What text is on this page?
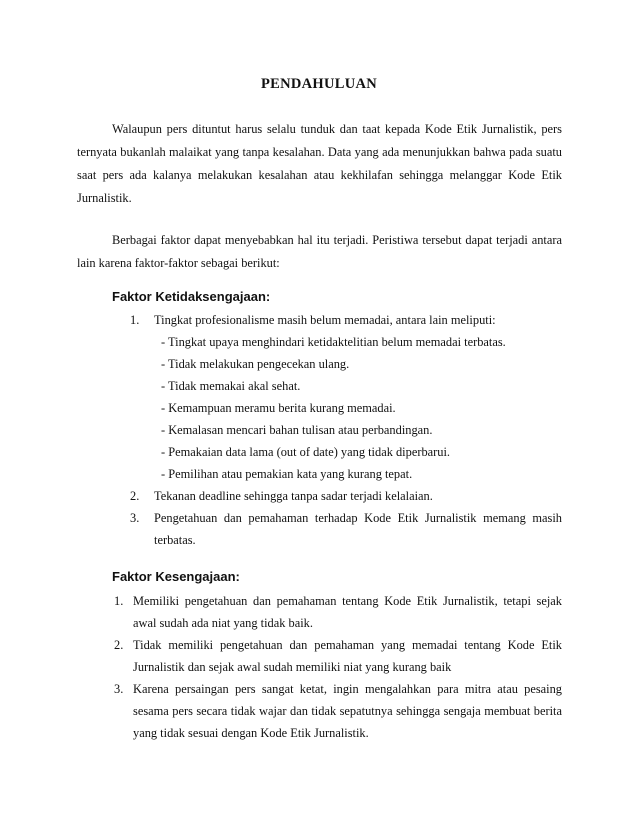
PENDAHULUAN

Walaupun pers dituntut harus selalu tunduk dan taat kepada Kode Etik Jurnalistik, pers ternyata bukanlah malaikat yang tanpa kesalahan. Data yang ada menunjukkan bahwa pada suatu saat pers ada kalanya melakukan kesalahan atau kekhilafan sehingga melanggar Kode Etik Jurnalistik.

Berbagai faktor dapat menyebabkan hal itu terjadi. Peristiwa tersebut dapat terjadi antara lain karena faktor-faktor sebagai berikut:

Faktor Ketidaksengajaan:
1.	Tingkat profesionalisme masih belum memadai, antara lain meliputi:
- Tingkat upaya menghindari ketidaktelitian belum memadai terbatas.
- Tidak melakukan pengecekan ulang.
- Tidak memakai akal sehat.
- Kemampuan meramu berita kurang memadai.
- Kemalasan mencari bahan tulisan atau perbandingan.
- Pemakaian data lama (out of date) yang tidak diperbarui.
- Pemilihan atau pemakian kata yang kurang tepat.
2.	Tekanan deadline sehingga tanpa sadar terjadi kelalaian.
3.	Pengetahuan dan pemahaman terhadap Kode Etik Jurnalistik memang masih terbatas.
Faktor Kesengajaan:
1. Memiliki pengetahuan dan pemahaman tentang Kode Etik Jurnalistik, tetapi sejak awal sudah ada niat yang tidak baik.
2. Tidak memiliki pengetahuan dan pemahaman yang memadai tentang Kode Etik Jurnalistik dan sejak awal sudah memiliki niat yang kurang baik
3. Karena persaingan pers sangat ketat, ingin mengalahkan para mitra atau pesaing sesama pers secara tidak wajar dan tidak sepatutnya sehingga sengaja membuat berita yang tidak sesuai dengan Kode Etik Jurnalistik.
